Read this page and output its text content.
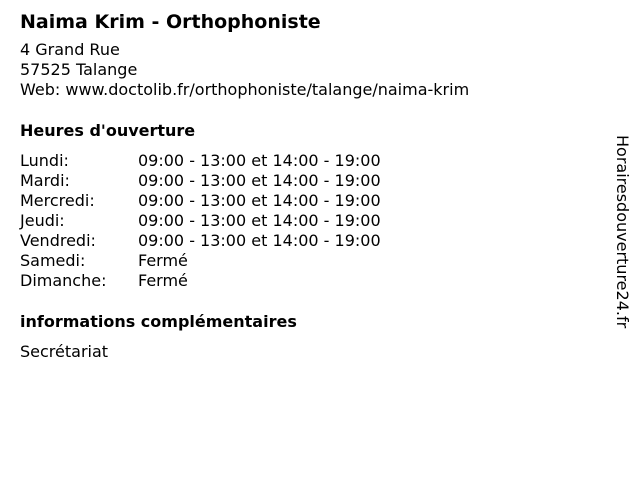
Naima Krim - Orthophoniste
4 Grand Rue
57525 Talange
Web: www.doctolib.fr/orthophoniste/talange/naima-krim
Heures d'ouverture
Lundi:	09:00 - 13:00 et 14:00 - 19:00
Mardi:	09:00 - 13:00 et 14:00 - 19:00
Mercredi:	09:00 - 13:00 et 14:00 - 19:00
Jeudi:	09:00 - 13:00 et 14:00 - 19:00
Vendredi:	09:00 - 13:00 et 14:00 - 19:00
Samedi:	Fermé
Dimanche:	Fermé
informations complémentaires
Secrétariat
Horairesdouverture24.fr
